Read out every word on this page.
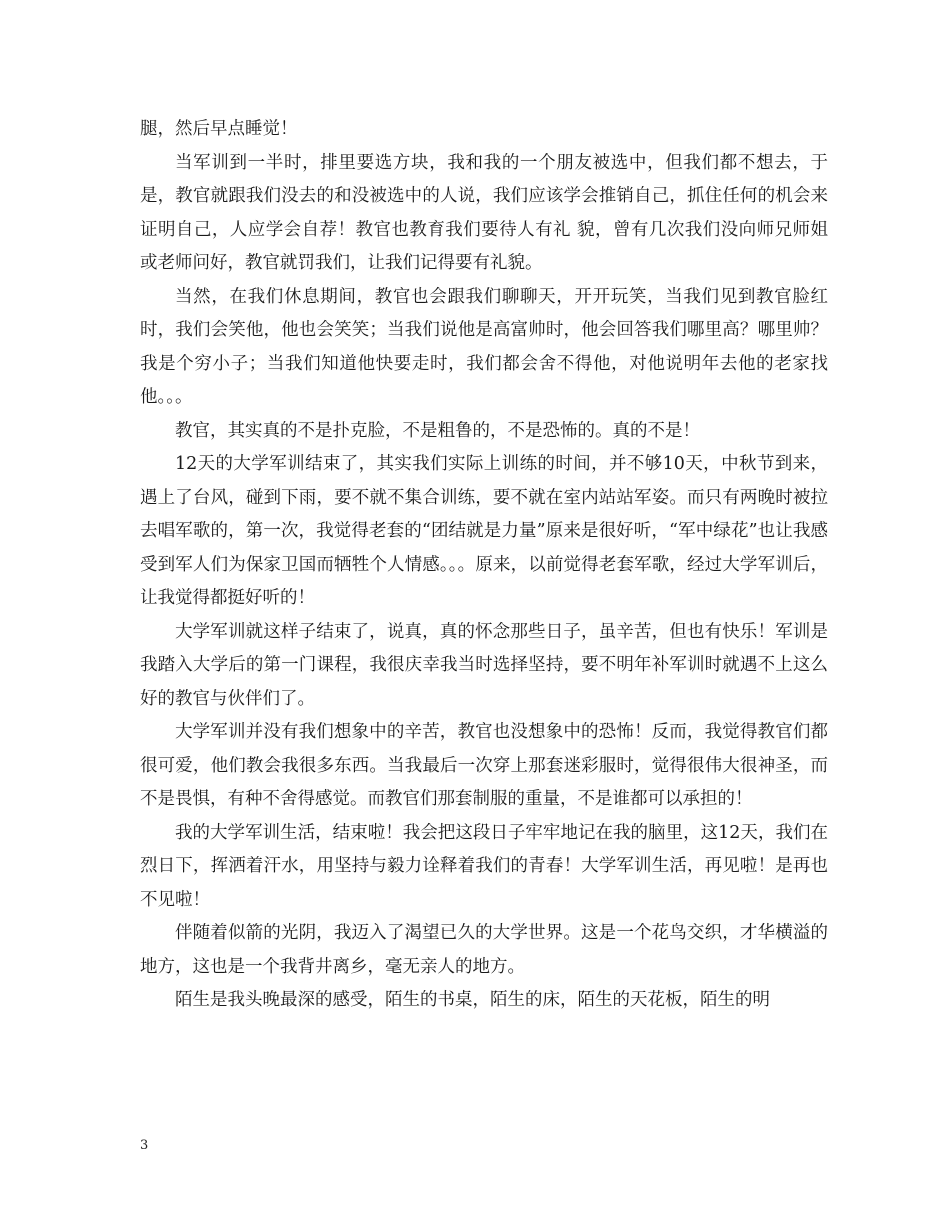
腿，然后早点睡觉！

当军训到一半时，排里要选方块，我和我的一个朋友被选中，但我们都不想去，于是，教官就跟我们没去的和没被选中的人说，我们应该学会推销自己，抓住任何的机会来证明自己，人应学会自荐！教官也教育我们要待人有礼 貌，曾有几次我们没向师兄师姐或老师问好，教官就罚我们，让我们记得要有礼貌。

当然，在我们休息期间，教官也会跟我们聊聊天，开开玩笑，当我们见到教官脸红时，我们会笑他，他也会笑笑；当我们说他是高富帅时，他会回答我们哪里高？哪里帅？我是个穷小子；当我们知道他快要走时，我们都会舍不得他，对他说明年去他的老家找他。。。

教官，其实真的不是扑克脸，不是粗鲁的，不是恐怖的。真的不是！

12天的大学军训结束了，其实我们实际上训练的时间，并不够10天，中秋节到来，遇上了台风，碰到下雨，要不就不集合训练，要不就在室内站站军姿。而只有两晚时被拉去唱军歌的，第一次，我觉得老套的“团结就是力量”原来是很好听，“军中绿花”也让我感受到军人们为保家卫国而牺牲个人情感。。。原来，以前觉得老套军歌，经过大学军训后，让我觉得都挺好听的！

大学军训就这样子结束了，说真，真的怀念那些日子，虽辛苦，但也有快乐！军训是我踏入大学后的第一门课程，我很庆幸我当时选择坚持，要不明年补军训时就遇不上这么好的教官与伙伴们了。

大学军训并没有我们想象中的辛苦，教官也没想象中的恐怖！反而，我觉得教官们都很可爱，他们教会我很多东西。当我最后一次穿上那套迷彩服时，觉得很伟大很神圣，而不是畏惧，有种不舍得感觉。而教官们那套制服的重量，不是谁都可以承担的！

我的大学军训生活，结束啦！我会把这段日子牢牢地记在我的脑里，这12天，我们在烈日下，挥洒着汗水，用坚持与毅力诠释着我们的青春！大学军训生活，再见啦！是再也不见啦！

伴随着似箭的光阴，我迈入了渴望已久的大学世界。这是一个花鸟交织，才华横溢的地方，这也是一个我背井离乡，毫无亲人的地方。

陌生是我头晚最深的感受，陌生的书桌，陌生的床，陌生的天花板，陌生的明

3
